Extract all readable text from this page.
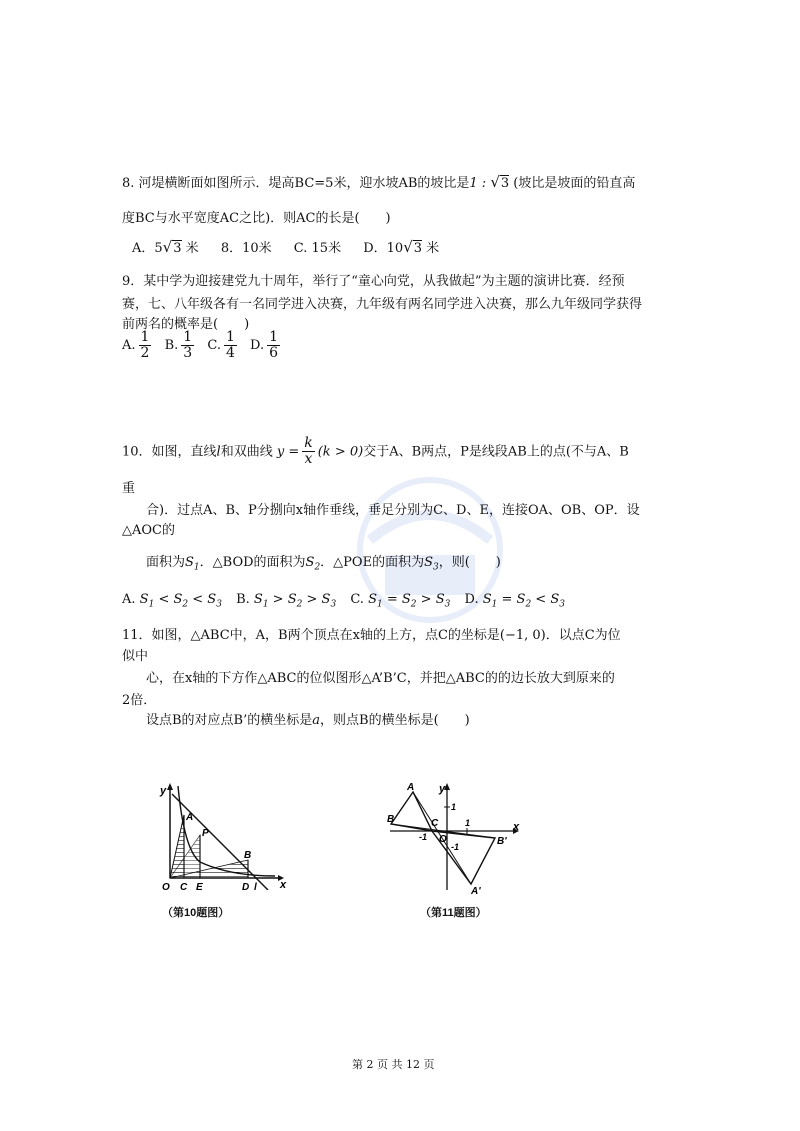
8. 河堤横断面如图所示．堤高BC=5米，迎水坡AB的坡比是1 : √3 (坡比是坡面的铅直高
度BC与水平宽度AC之比)．则AC的长是(　　)
A．5√3 米 8．10米 C. 15米 D．10√3 米
9．某中学为迎接建党九十周年，举行了“童心向党，从我做起”为主题的演讲比赛．经预
赛，七、八年级各有一名同学进入决赛，九年级有两名同学进入决赛，那么九年级同学获得
前两名的概率是(　　)
A. $\frac{1}{2} B$. $\frac{1}{3} C$. $\frac{1}{4} D$. $\frac{1}{6}$
10．如图，直线l和双曲线 $y = \frac{k}{x} (k > 0)$交于A、B两点，P是线段AB上的点(不与A、B
重
合)．过点A、B、P分捌向x轴作垂线，垂足分别为C、D、E，连接OA、OB、OP．设
△AOC的
面积为$S_1$．△BOD的面积为$S_2$．△POE的面积为$S_3$，则(　　)
A. $S_1 < S_2 < S_3$ B. $S_1 > S_2 > S_3$ C. $S_1 = S_2 > S_3$ D. $S_1 = S_2 < S_3$
11．如图，△ABC中，A，B两个顶点在x轴的上方，点C的坐标是(−1, 0)．以点C为位
似中
心，在x轴的下方作△ABC的位似图形△A’B’C，并把△ABC的的边长放大到原来的
2倍．
设点B的对应点B’的横坐标是a，则点B的横坐标是(　　)
y
x
A
P
B
O C E	D l
（第10题图）
y
x
A
B	C
O	B'
A'
1
-1
1
-1
（第11题图）
第 2 页 共 12 页
